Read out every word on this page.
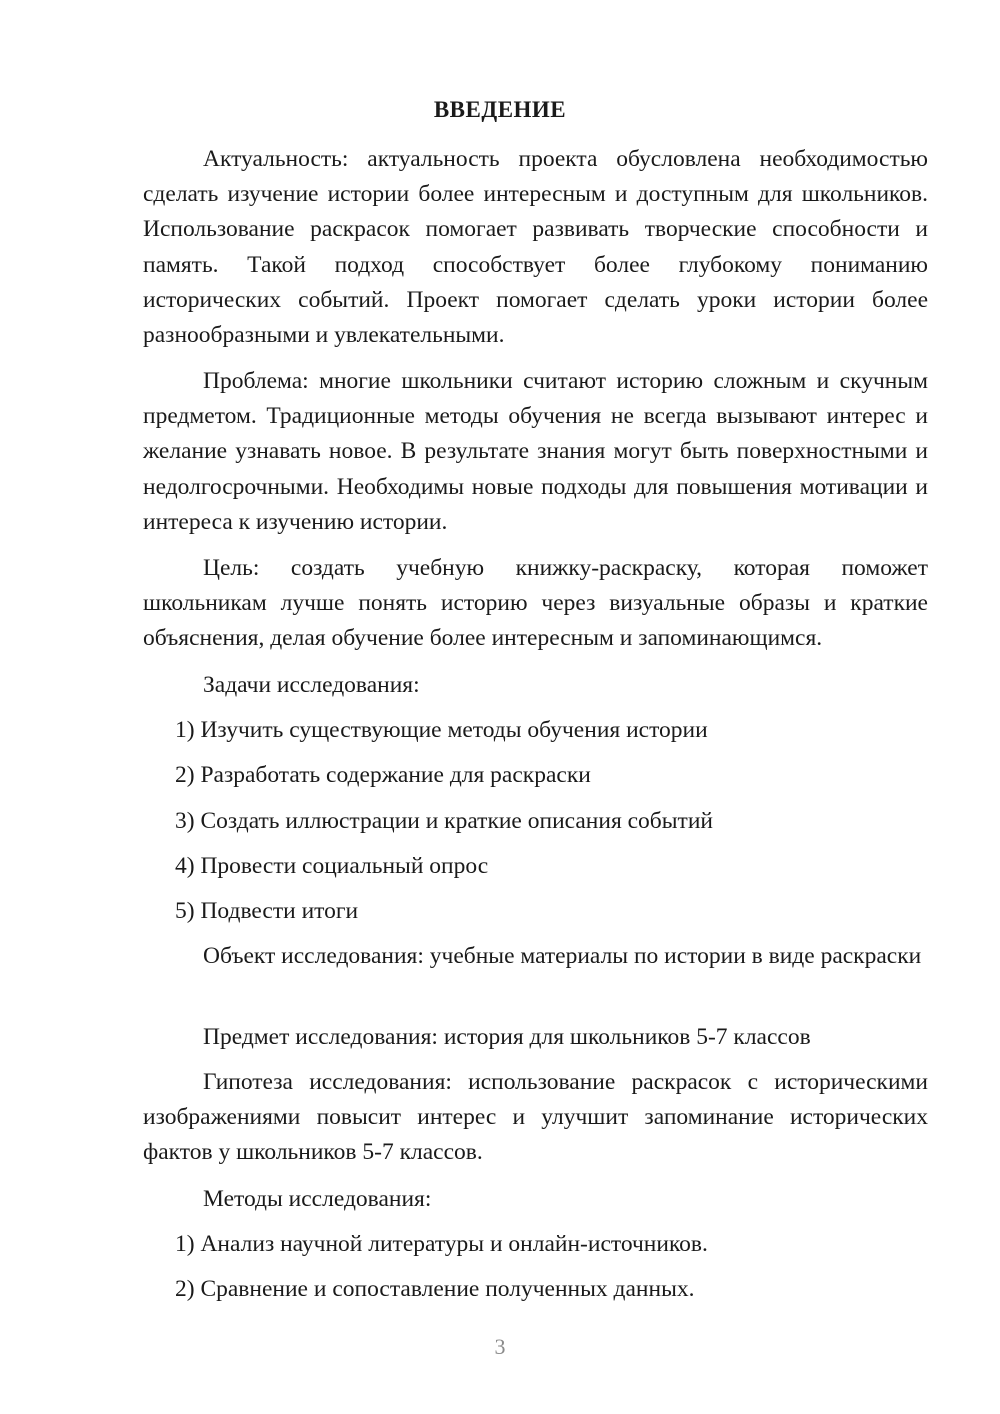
ВВЕДЕНИЕ

Актуальность: актуальность проекта обусловлена необходимостью сделать изучение истории более интересным и доступным для школьников. Использование раскрасок помогает развивать творческие способности и память. Такой подход способствует более глубокому пониманию исторических событий. Проект помогает сделать уроки истории более разнообразными и увлекательными.

Проблема: многие школьники считают историю сложным и скучным предметом. Традиционные методы обучения не всегда вызывают интерес и желание узнавать новое. В результате знания могут быть поверхностными и недолгосрочными. Необходимы новые подходы для повышения мотивации и интереса к изучению истории.

Цель: создать учебную книжку-раскраску, которая поможет школьникам лучше понять историю через визуальные образы и краткие объяснения, делая обучение более интересным и запоминающимся.

Задачи исследования:

1) Изучить существующие методы обучения истории

2) Разработать содержание для раскраски

3) Создать иллюстрации и краткие описания событий

4) Провести социальный опрос

5) Подвести итоги

Объект исследования: учебные материалы по истории в виде раскраски

Предмет исследования: история для школьников 5-7 классов

Гипотеза исследования: использование раскрасок с историческими изображениями повысит интерес и улучшит запоминание исторических фактов у школьников 5-7 классов.

Методы исследования:

1) Анализ научной литературы и онлайн-источников.

2) Сравнение и сопоставление полученных данных.

3
